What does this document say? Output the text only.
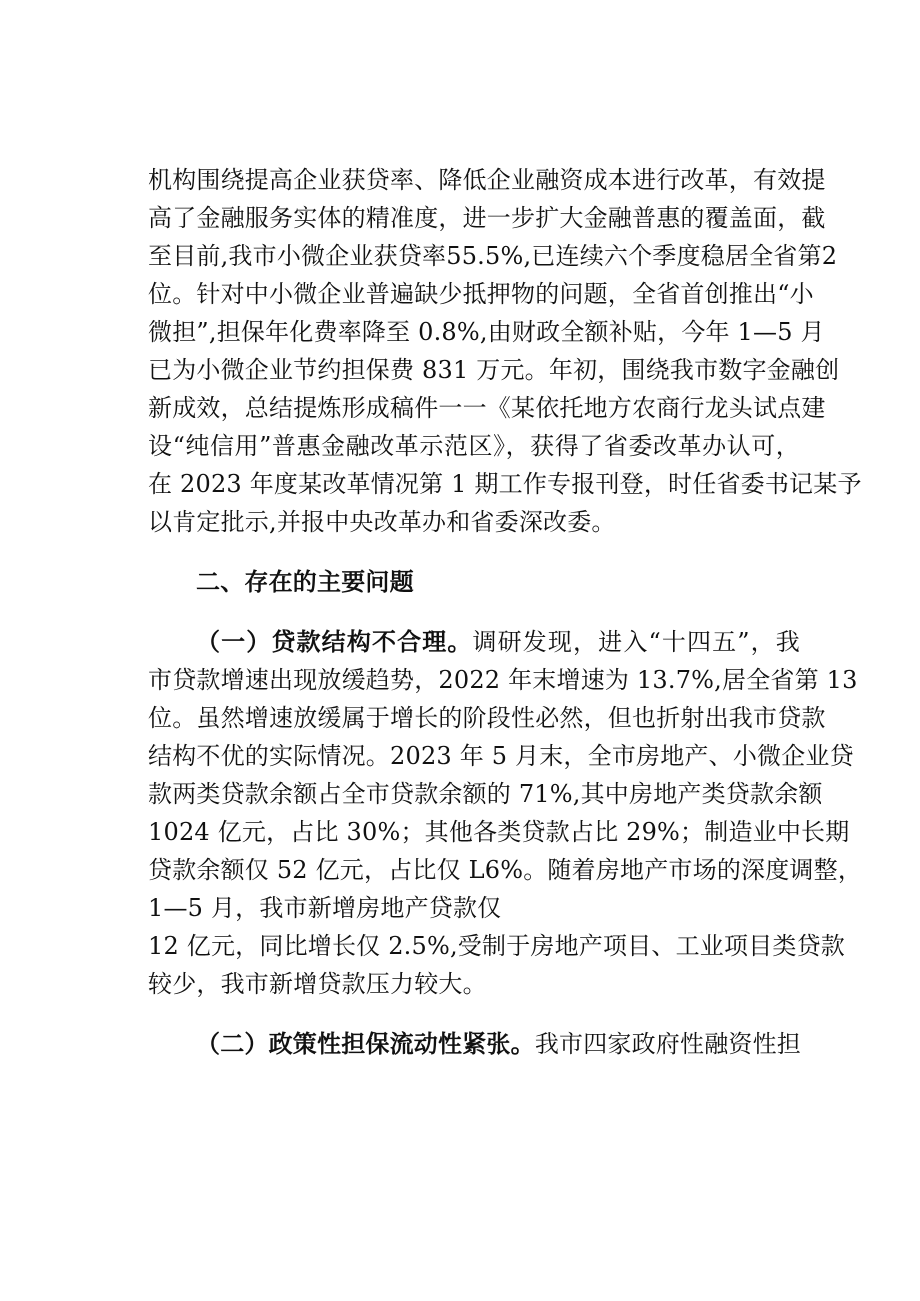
机构围绕提高企业获贷率、降低企业融资成本进行改革，有效提
高了金融服务实体的精准度，进一步扩大金融普惠的覆盖面，截
至目前,我市小微企业获贷率55.5%,已连续六个季度稳居全省第2
位。针对中小微企业普遍缺少抵押物的问题，全省首创推出“小
微担”,担保年化费率降至 0.8%,由财政全额补贴，今年 1—5 月
已为小微企业节约担保费 831 万元。年初，围绕我市数字金融创
新成效，总结提炼形成稿件一一《某依托地方农商行龙头试点建
设“纯信用”普惠金融改革示范区》，获得了省委改革办认可，
在 2023 年度某改革情况第 1 期工作专报刊登，时任省委书记某予
以肯定批示,并报中央改革办和省委深改委。
二、存在的主要问题
（一）贷款结构不合理。调研发现，进入“十四五”，我
市贷款增速出现放缓趋势，2022 年末增速为 13.7%,居全省第 13
位。虽然增速放缓属于增长的阶段性必然，但也折射出我市贷款
结构不优的实际情况。2023 年 5 月末，全市房地产、小微企业贷
款两类贷款余额占全市贷款余额的 71%,其中房地产类贷款余额
1024 亿元，占比 30%；其他各类贷款占比 29%；制造业中长期
贷款余额仅 52 亿元，占比仅 L6%。随着房地产市场的深度调整，
1—5 月，我市新增房地产贷款仅
12 亿元，同比增长仅 2.5%,受制于房地产项目、工业项目类贷款
较少，我市新增贷款压力较大。
（二）政策性担保流动性紧张。我市四家政府性融资性担
